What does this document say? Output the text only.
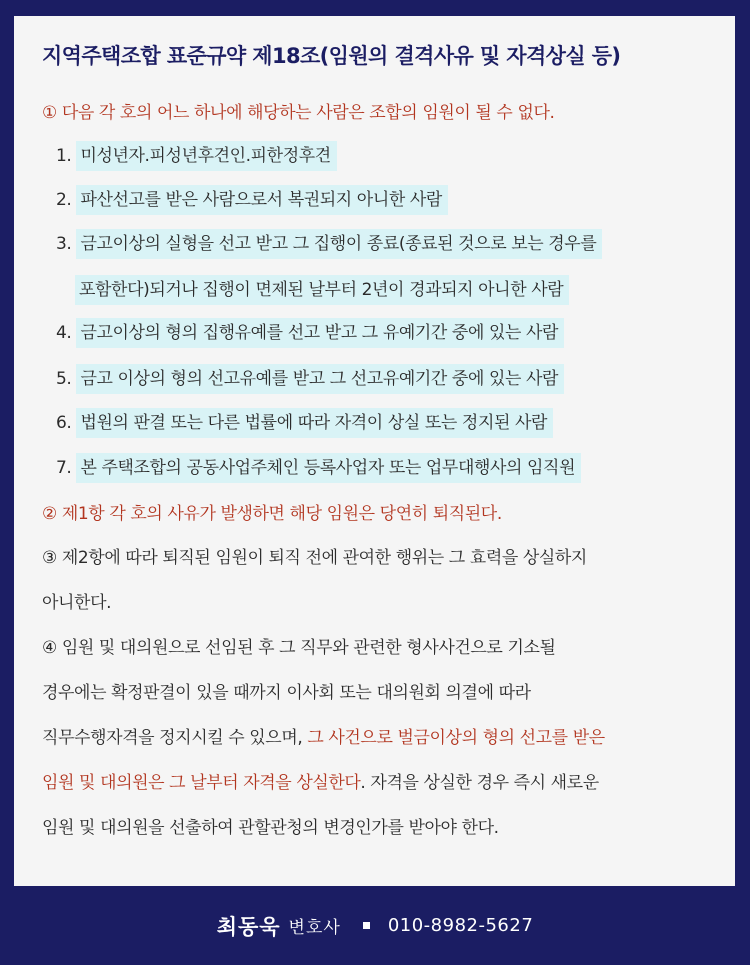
지역주택조합 표준규약 제18조(임원의 결격사유 및 자격상실 등)
① 다음 각 호의 어느 하나에 해당하는 사람은 조합의 임원이 될 수 없다.
1. 미성년자.피성년후견인.피한정후견
2. 파산선고를 받은 사람으로서 복권되지 아니한 사람
3. 금고이상의 실형을 선고 받고 그 집행이 종료(종료된 것으로 보는 경우를
포함한다)되거나 집행이 면제된 날부터 2년이 경과되지 아니한 사람
4. 금고이상의 형의 집행유예를 선고 받고 그 유예기간 중에 있는 사람
5. 금고 이상의 형의 선고유예를 받고 그 선고유예기간 중에 있는 사람
6. 법원의 판결 또는 다른 법률에 따라 자격이 상실 또는 정지된 사람
7. 본 주택조합의 공동사업주체인 등록사업자 또는 업무대행사의 임직원
② 제1항 각 호의 사유가 발생하면 해당 임원은 당연히 퇴직된다.
③ 제2항에 따라 퇴직된 임원이 퇴직 전에 관여한 행위는 그 효력을 상실하지
아니한다.
④ 임원 및 대의원으로 선임된 후 그 직무와 관련한 형사사건으로 기소될
경우에는 확정판결이 있을 때까지 이사회 또는 대의원회 의결에 따라
직무수행자격을 정지시킬 수 있으며, 그 사건으로 벌금이상의 형의 선고를 받은
임원 및 대의원은 그 날부터 자격을 상실한다. 자격을 상실한 경우 즉시 새로운
임원 및 대의원을 선출하여 관할관청의 변경인가를 받아야 한다.
최동욱 변호사	010-8982-5627
